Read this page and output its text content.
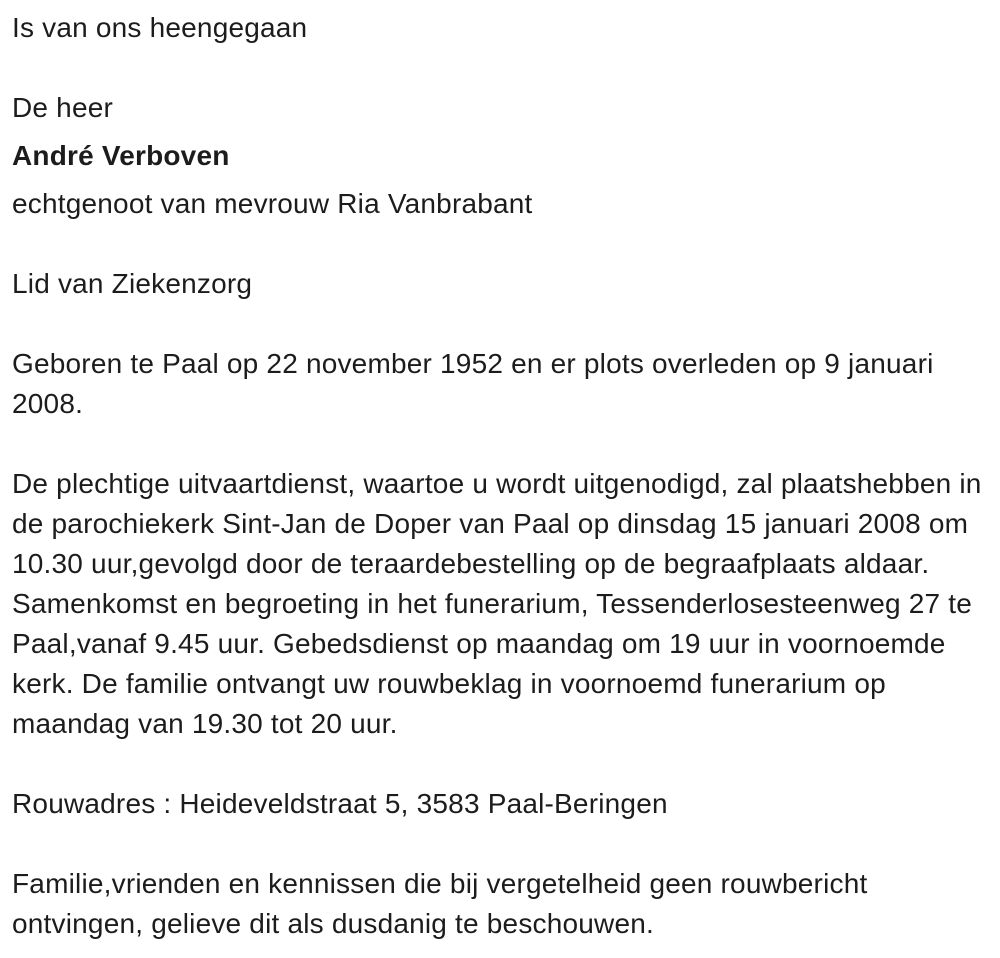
Is van ons heengegaan

De heer

André Verboven

echtgenoot van mevrouw Ria Vanbrabant

Lid van Ziekenzorg

Geboren te Paal op 22 november 1952 en er plots overleden op 9 januari 2008.

De plechtige uitvaartdienst, waartoe u wordt uitgenodigd, zal plaatshebben in de parochiekerk Sint-Jan de Doper van Paal op dinsdag 15 januari 2008 om 10.30 uur,gevolgd door de teraardebestelling op de begraafplaats aldaar. Samenkomst en begroeting in het funerarium, Tessenderlosesteenweg 27 te Paal,vanaf 9.45 uur. Gebedsdienst op maandag om 19 uur in voornoemde kerk. De familie ontvangt uw rouwbeklag in voornoemd funerarium op maandag van 19.30 tot 20 uur.

Rouwadres : Heideveldstraat 5, 3583 Paal-Beringen

Familie,vrienden en kennissen die bij vergetelheid geen rouwbericht ontvingen, gelieve dit als dusdanig te beschouwen.
